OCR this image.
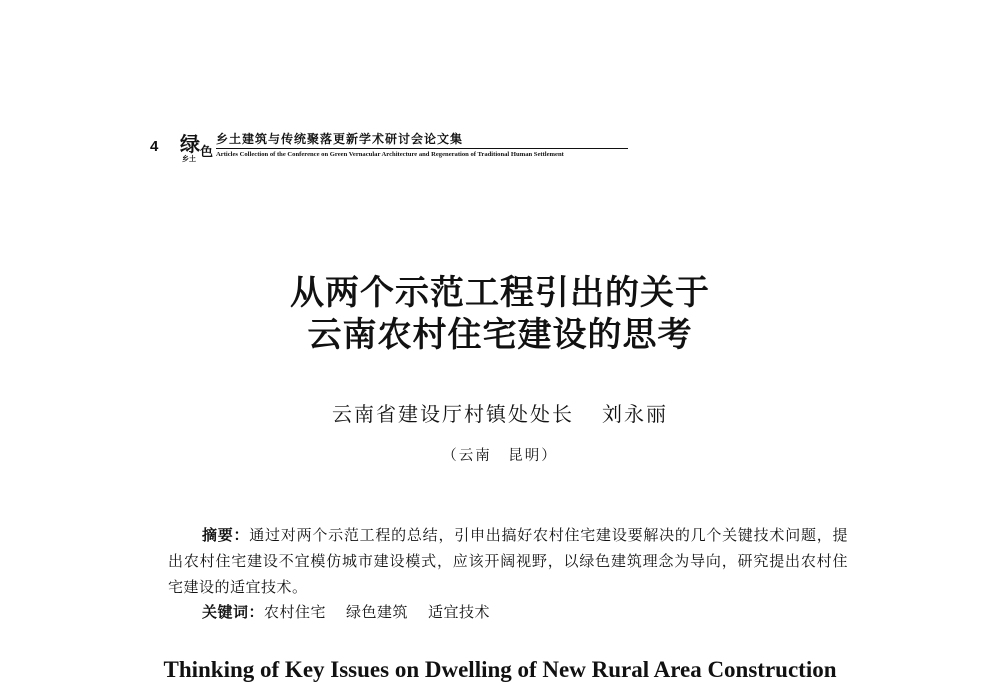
4 绿 色
乡土
乡土建筑与传统聚落更新学术研讨会论文集
Articles Collection of the Conference on Green Vernacular Architecture and Regeneration of Traditional Human Settlement
从两个示范工程引出的关于
云南农村住宅建设的思考
云南省建设厅村镇处处长 刘永丽
（云南　昆明）

摘要：通过对两个示范工程的总结，引申出搞好农村住宅建设要解决的几个关键技术问题，提出农村住宅建设不宜模仿城市建设模式，应该开阔视野，以绿色建筑理念为导向，研究提出农村住宅建设的适宜技术。

关键词：农村住宅 绿色建筑 适宜技术
Thinking of Key Issues on Dwelling of New Rural Area Construction
